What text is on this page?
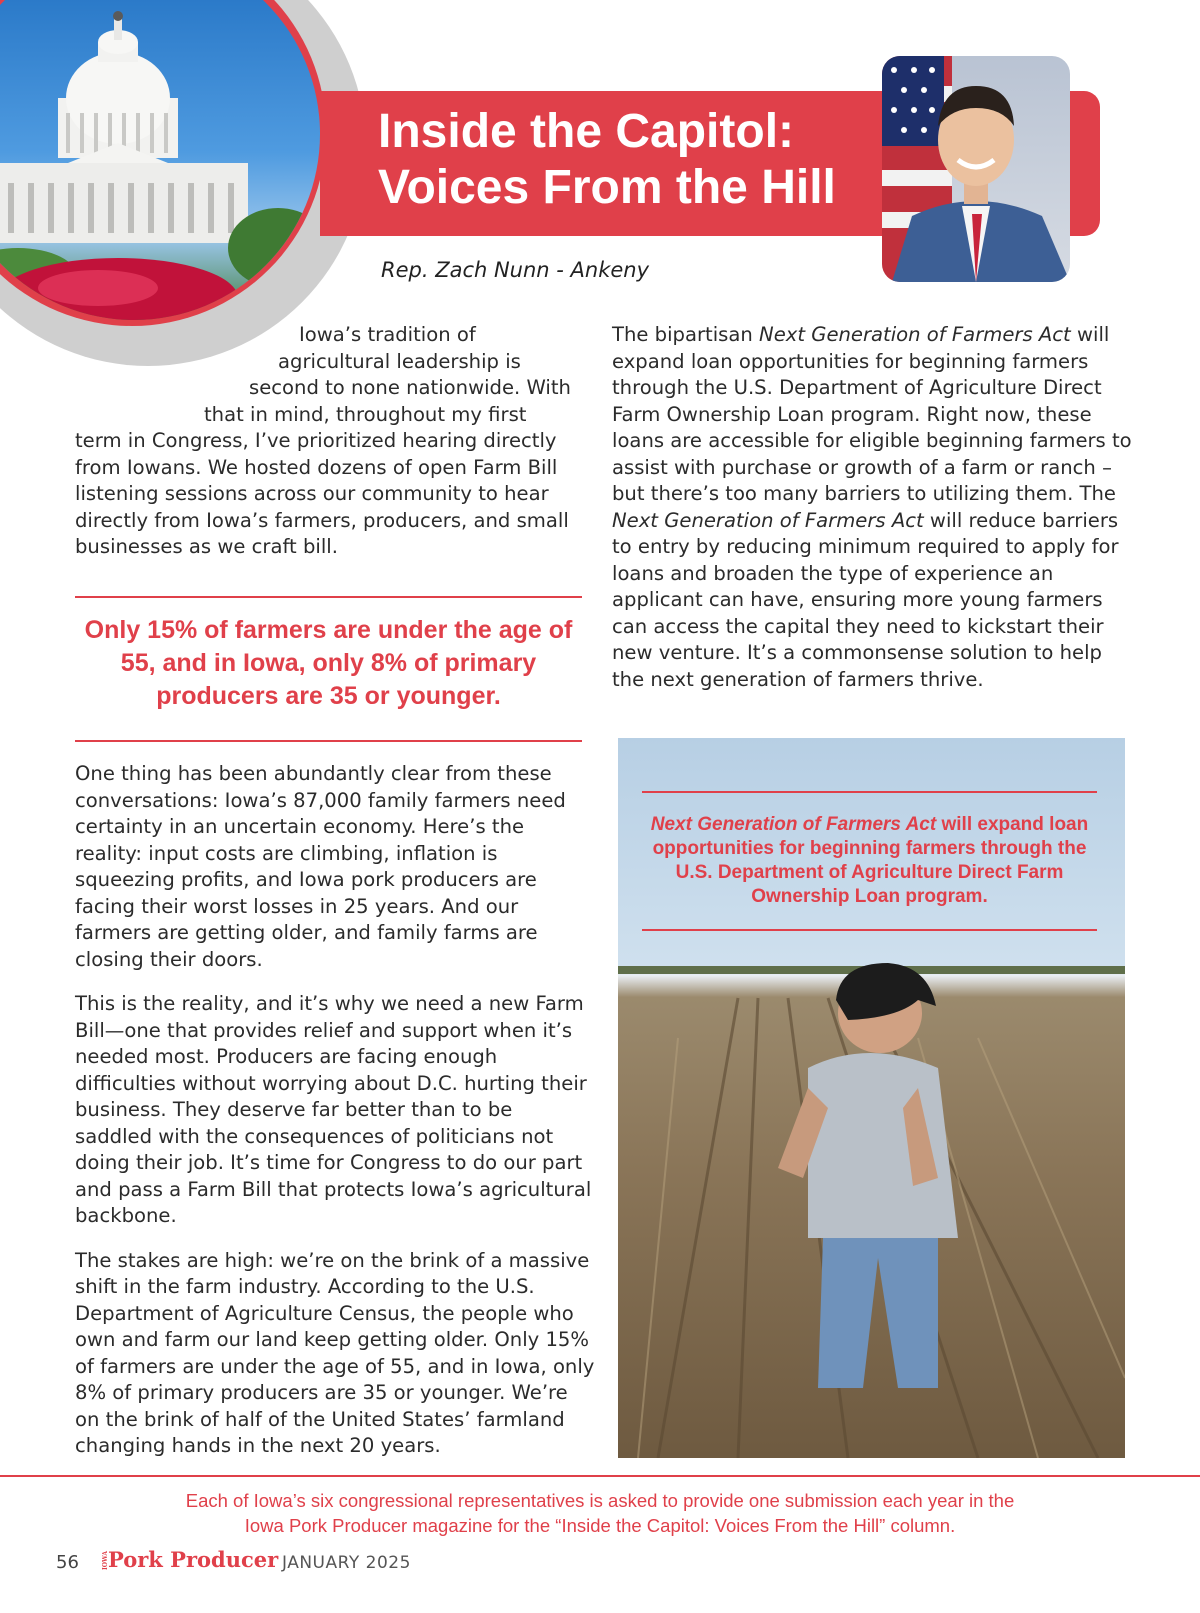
Inside the Capitol:
Voices From the Hill
Rep. Zach Nunn - Ankeny
Iowa’s tradition of
agricultural leadership is
second to none nationwide. With
that in mind, throughout my first
term in Congress, I’ve prioritized hearing directly from Iowans. We hosted dozens of open Farm Bill listening sessions across our community to hear directly from Iowa’s farmers, producers, and small businesses as we craft bill.
Only 15% of farmers are under the age of 55, and in Iowa, only 8% of primary producers are 35 or younger.

One thing has been abundantly clear from these conversations: Iowa’s 87,000 family farmers need certainty in an uncertain economy. Here’s the reality: input costs are climbing, inflation is squeezing profits, and Iowa pork producers are facing their worst losses in 25 years. And our farmers are getting older, and family farms are closing their doors.

This is the reality, and it’s why we need a new Farm Bill—one that provides relief and support when it’s needed most. Producers are facing enough difficulties without worrying about D.C. hurting their business. They deserve far better than to be saddled with the consequences of politicians not doing their job. It’s time for Congress to do our part and pass a Farm Bill that protects Iowa’s agricultural backbone.

The stakes are high: we’re on the brink of a massive shift in the farm industry. According to the U.S. Department of Agriculture Census, the people who own and farm our land keep getting older. Only 15% of farmers are under the age of 55, and in Iowa, only 8% of primary producers are 35 or younger. We’re on the brink of half of the United States’ farmland changing hands in the next 20 years.

The bipartisan Next Generation of Farmers Act will expand loan opportunities for beginning farmers through the U.S. Department of Agriculture Direct Farm Ownership Loan program. Right now, these loans are accessible for eligible beginning farmers to assist with purchase or growth of a farm or ranch – but there’s too many barriers to utilizing them. The Next Generation of Farmers Act will reduce barriers to entry by reducing minimum required to apply for loans and broaden the type of experience an applicant can have, ensuring more young farmers can access the capital they need to kickstart their new venture. It’s a commonsense solution to help the next generation of farmers thrive.

Next Generation of Farmers Act will expand loan opportunities for beginning farmers through the U.S. Department of Agriculture Direct Farm Ownership Loan program.
Each of Iowa’s six congressional representatives is asked to provide one submission each year in the
Iowa Pork Producer magazine for the “Inside the Capitol: Voices From the Hill” column.
56	IOWA Pork Producer JANUARY 2025
